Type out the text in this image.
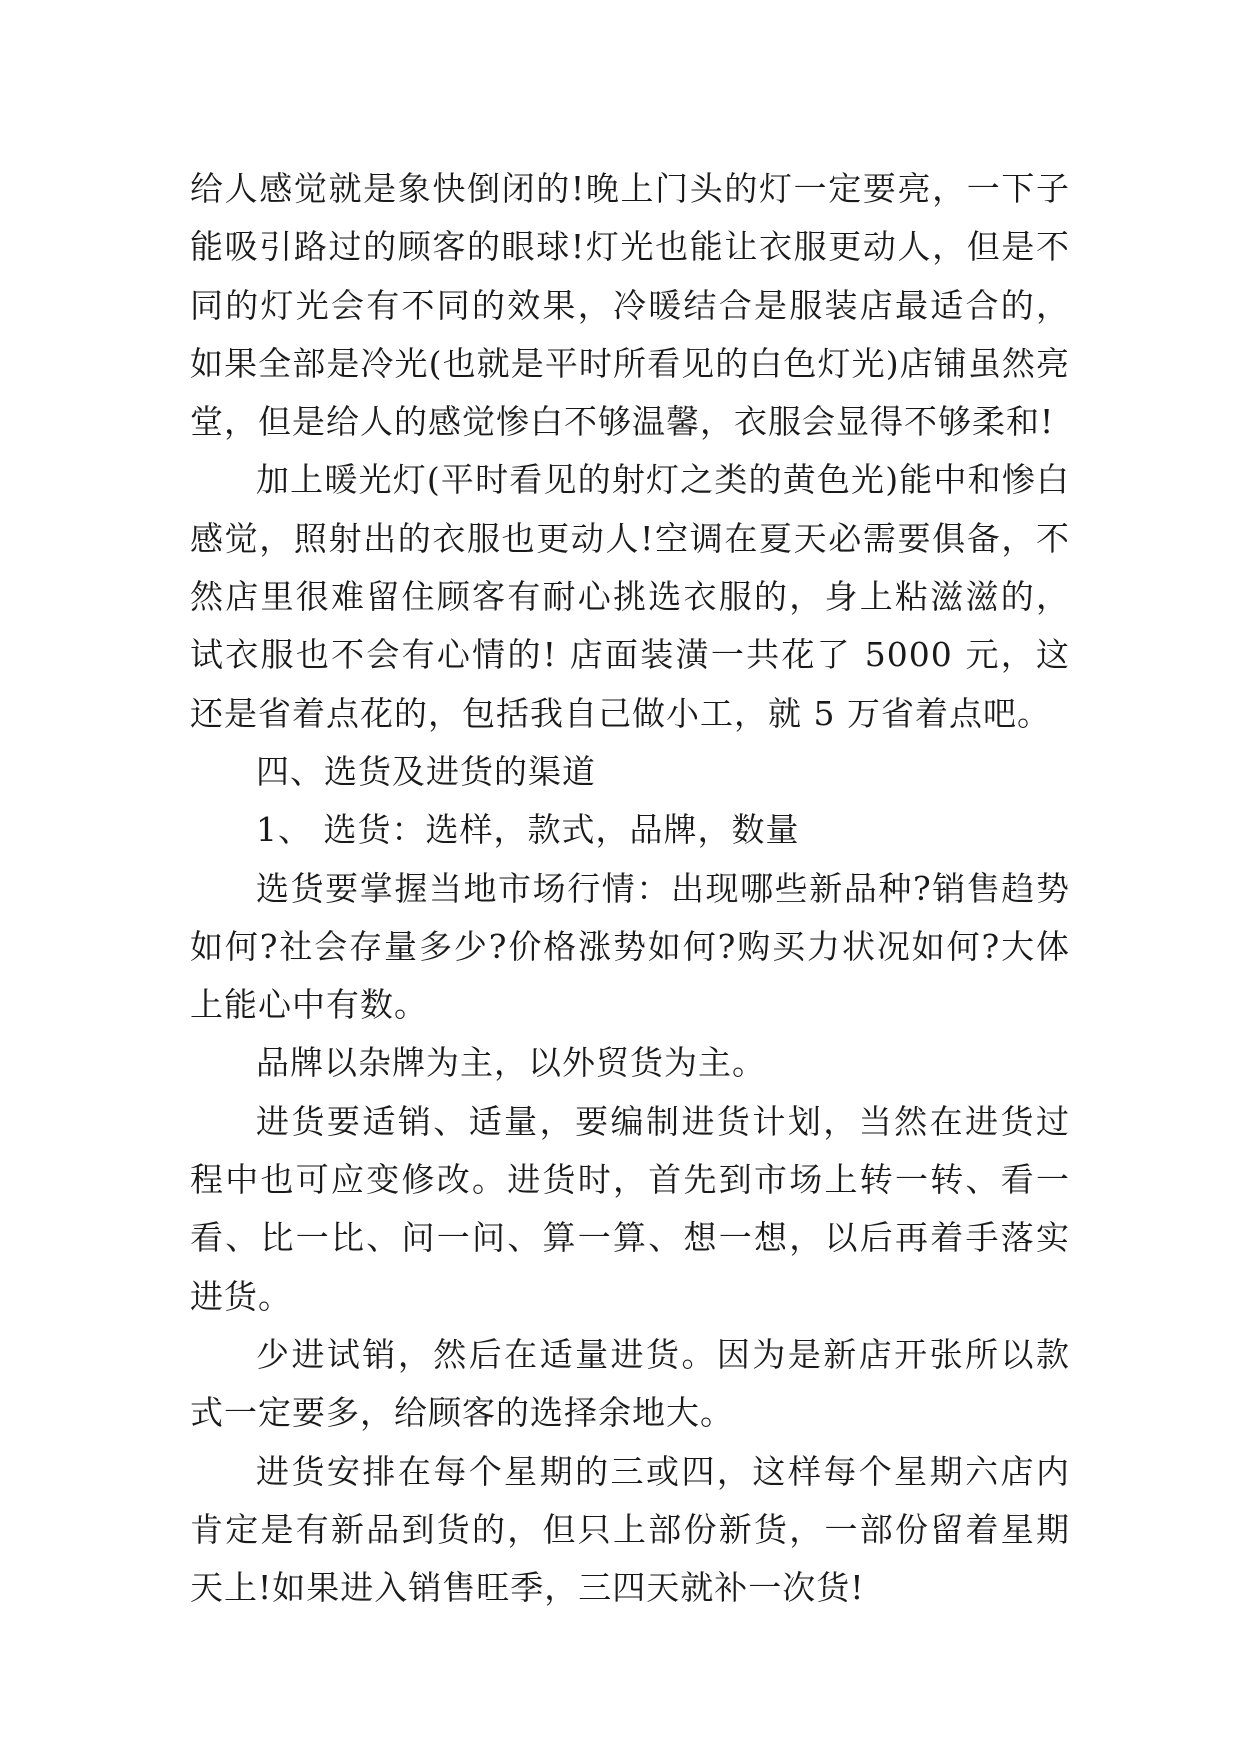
给人感觉就是象快倒闭的!晚上门头的灯一定要亮，一下子能吸引路过的顾客的眼球!灯光也能让衣服更动人，但是不同的灯光会有不同的效果，冷暖结合是服装店最适合的，如果全部是冷光(也就是平时所看见的白色灯光)店铺虽然亮堂，但是给人的感觉惨白不够温馨，衣服会显得不够柔和!

加上暖光灯(平时看见的射灯之类的黄色光)能中和惨白感觉，照射出的衣服也更动人!空调在夏天必需要俱备，不然店里很难留住顾客有耐心挑选衣服的，身上粘滋滋的，试衣服也不会有心情的! 店面装潢一共花了 5000 元，这还是省着点花的，包括我自己做小工，就 5 万省着点吧。

四、选货及进货的渠道

1、 选货：选样，款式，品牌，数量

选货要掌握当地市场行情：出现哪些新品种?销售趋势如何?社会存量多少?价格涨势如何?购买力状况如何?大体上能心中有数。

品牌以杂牌为主，以外贸货为主。

进货要适销、适量，要编制进货计划，当然在进货过程中也可应变修改。进货时，首先到市场上转一转、看一看、比一比、问一问、算一算、想一想，以后再着手落实进货。

少进试销，然后在适量进货。因为是新店开张所以款式一定要多，给顾客的选择余地大。

进货安排在每个星期的三或四，这样每个星期六店内肯定是有新品到货的，但只上部份新货，一部份留着星期天上!如果进入销售旺季，三四天就补一次货!
